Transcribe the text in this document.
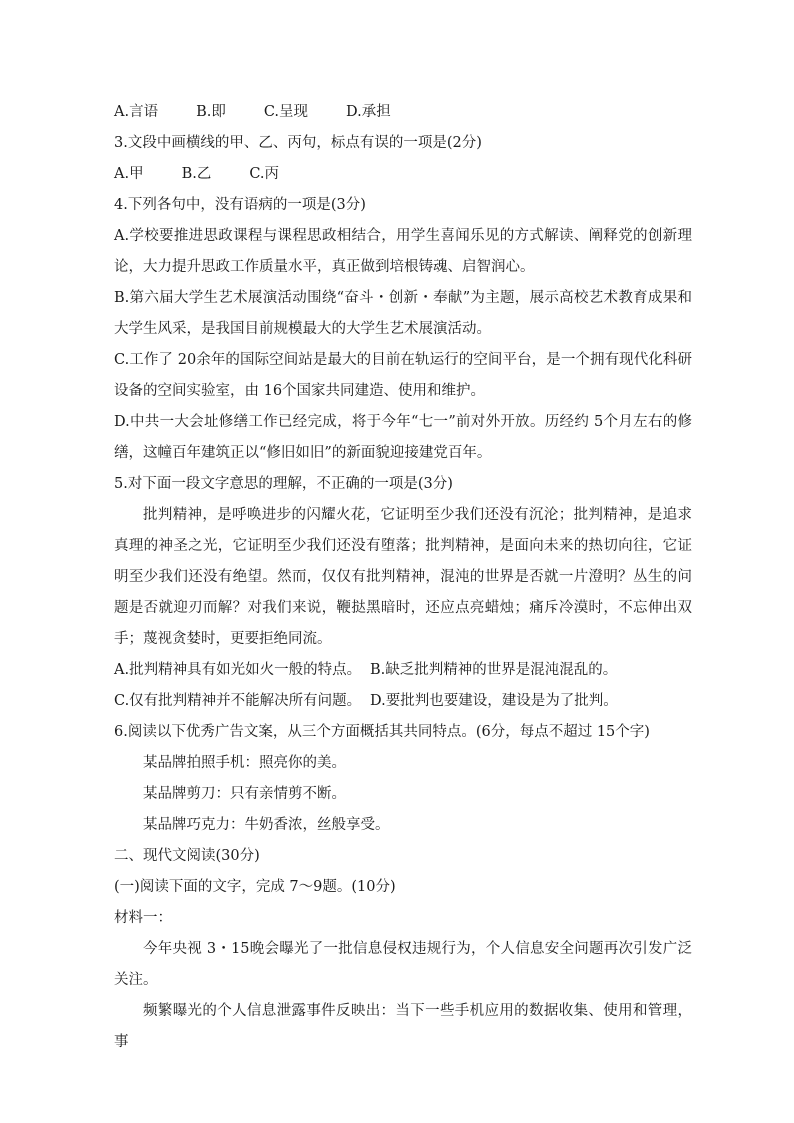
A.言语	B.即	C.呈现	D.承担
3.文段中画横线的甲、乙、丙句，标点有误的一项是(2分)
A.甲	B.乙	C.丙
4.下列各句中，没有语病的一项是(3分)
A.学校要推进思政课程与课程思政相结合，用学生喜闻乐见的方式解读、阐释党的创新理论，大力提升思政工作质量水平，真正做到培根铸魂、启智润心。
B.第六届大学生艺术展演活动围绕“奋斗・创新・奉献”为主题，展示高校艺术教育成果和大学生风采，是我国目前规模最大的大学生艺术展演活动。
C.工作了 20余年的国际空间站是最大的目前在轨运行的空间平台，是一个拥有现代化科研设备的空间实验室，由 16个国家共同建造、使用和维护。
D.中共一大会址修缮工作已经完成，将于今年“七一”前对外开放。历经约 5个月左右的修缮，这幢百年建筑正以“修旧如旧”的新面貌迎接建党百年。
5.对下面一段文字意思的理解，不正确的一项是(3分)
批判精神，是呼唤进步的闪耀火花，它证明至少我们还没有沉沦；批判精神，是追求真理的神圣之光，它证明至少我们还没有堕落；批判精神，是面向未来的热切向往，它证明至少我们还没有绝望。然而，仅仅有批判精神，混沌的世界是否就一片澄明？丛生的问题是否就迎刃而解？对我们来说，鞭挞黑暗时，还应点亮蜡烛；痛斥冷漠时，不忘伸出双手；蔑视贪婪时，更要拒绝同流。
A.批判精神具有如光如火一般的特点。 B.缺乏批判精神的世界是混沌混乱的。
C.仅有批判精神并不能解决所有问题。 D.要批判也要建设，建设是为了批判。
6.阅读以下优秀广告文案，从三个方面概括其共同特点。(6分，每点不超过 15个字)
某品牌拍照手机：照亮你的美。
某品牌剪刀：只有亲情剪不断。
某品牌巧克力：牛奶香浓，丝般享受。
二、现代文阅读(30分)
(一)阅读下面的文字，完成 7～9题。(10分)
材料一：
今年央视 3・15晚会曝光了一批信息侵权违规行为，个人信息安全问题再次引发广泛关注。
频繁曝光的个人信息泄露事件反映出：当下一些手机应用的数据收集、使用和管理，事
